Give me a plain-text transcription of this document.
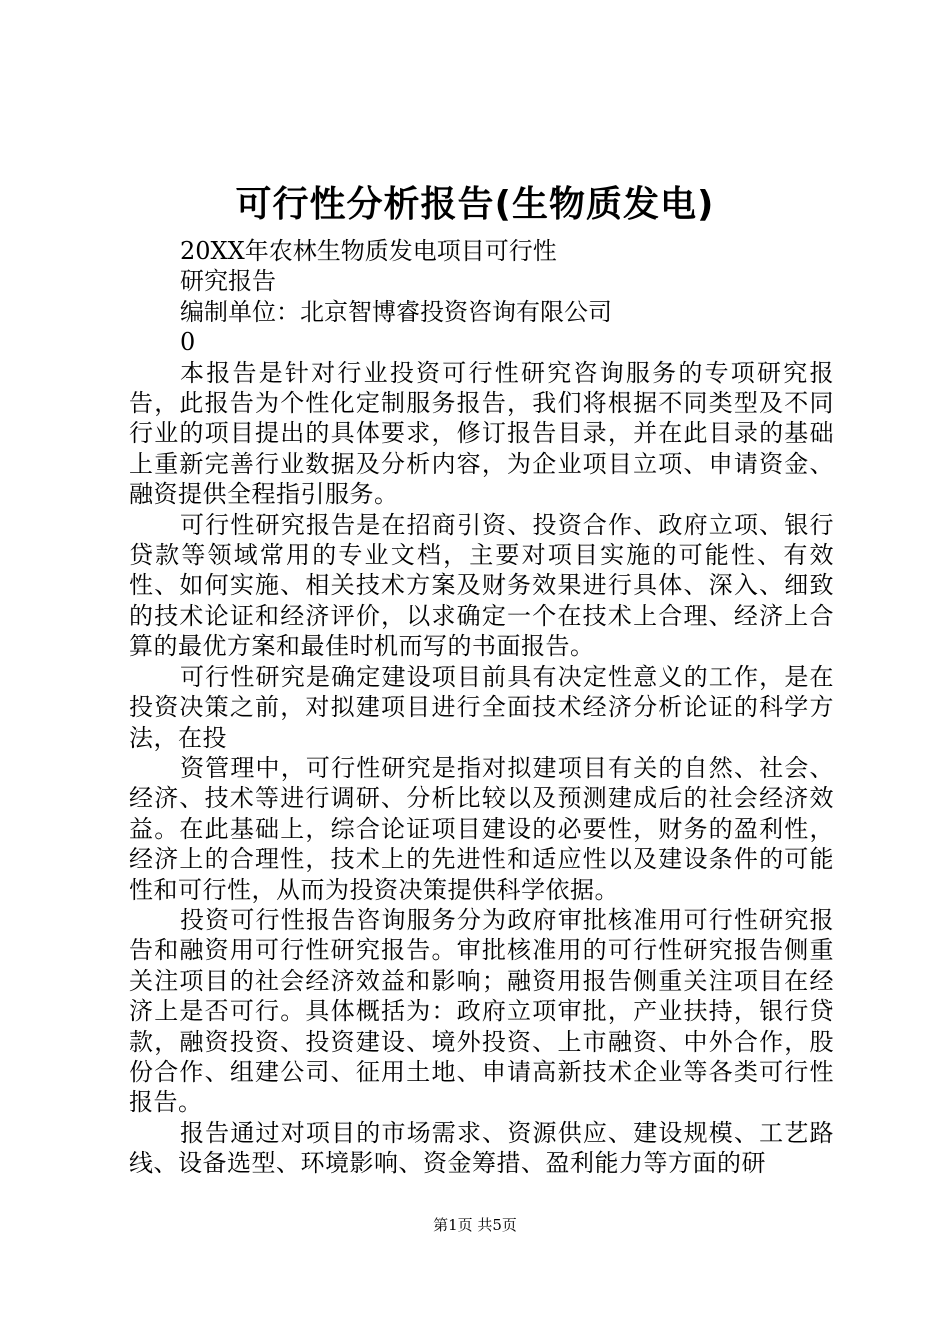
可行性分析报告(生物质发电)

20XX年农林生物质发电项目可行性

研究报告

编制单位：北京智博睿投资咨询有限公司

0

本报告是针对行业投资可行性研究咨询服务的专项研究报告，此报告为个性化定制服务报告，我们将根据不同类型及不同行业的项目提出的具体要求，修订报告目录，并在此目录的基础上重新完善行业数据及分析内容，为企业项目立项、申请资金、融资提供全程指引服务。

可行性研究报告是在招商引资、投资合作、政府立项、银行贷款等领域常用的专业文档，主要对项目实施的可能性、有效性、如何实施、相关技术方案及财务效果进行具体、深入、细致的技术论证和经济评价，以求确定一个在技术上合理、经济上合算的最优方案和最佳时机而写的书面报告。

可行性研究是确定建设项目前具有决定性意义的工作，是在投资决策之前，对拟建项目进行全面技术经济分析论证的科学方法，在投

资管理中，可行性研究是指对拟建项目有关的自然、社会、经济、技术等进行调研、分析比较以及预测建成后的社会经济效益。在此基础上，综合论证项目建设的必要性，财务的盈利性，经济上的合理性，技术上的先进性和适应性以及建设条件的可能性和可行性，从而为投资决策提供科学依据。

投资可行性报告咨询服务分为政府审批核准用可行性研究报告和融资用可行性研究报告。审批核准用的可行性研究报告侧重关注项目的社会经济效益和影响；融资用报告侧重关注项目在经济上是否可行。具体概括为：政府立项审批，产业扶持，银行贷款，融资投资、投资建设、境外投资、上市融资、中外合作，股份合作、组建公司、征用土地、申请高新技术企业等各类可行性报告。

报告通过对项目的市场需求、资源供应、建设规模、工艺路线、设备选型、环境影响、资金筹措、盈利能力等方面的研

第1页 共5页
